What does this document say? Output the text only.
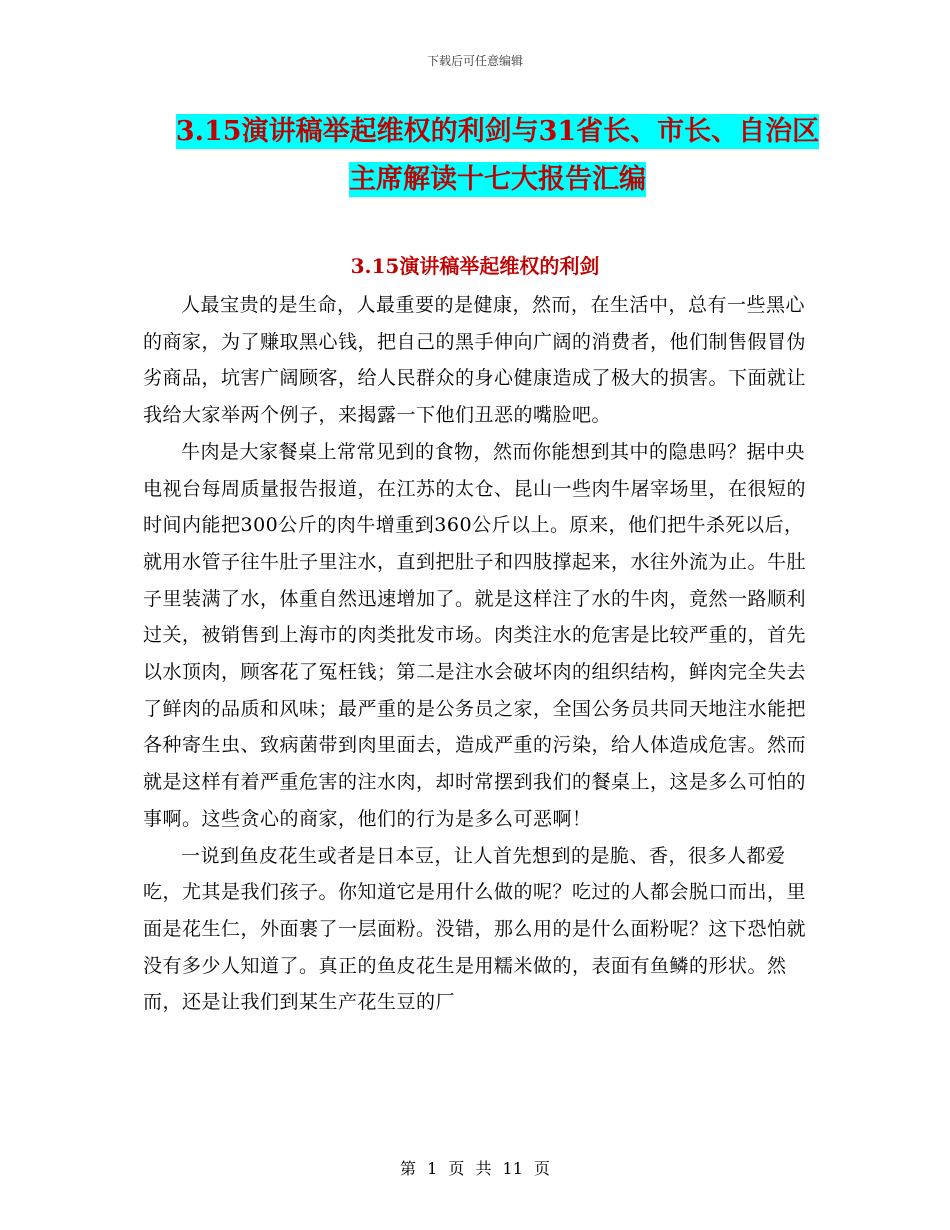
下载后可任意编辑
3.15演讲稿举起维权的利剑与31省长、市长、自治区
主席解读十七大报告汇编
3.15演讲稿举起维权的利剑

人最宝贵的是生命，人最重要的是健康，然而，在生活中，总有一些黑心的商家，为了赚取黑心钱，把自己的黑手伸向广阔的消费者，他们制售假冒伪劣商品，坑害广阔顾客，给人民群众的身心健康造成了极大的损害。下面就让我给大家举两个例子，来揭露一下他们丑恶的嘴脸吧。

牛肉是大家餐桌上常常见到的食物，然而你能想到其中的隐患吗？据中央电视台每周质量报告报道，在江苏的太仓、昆山一些肉牛屠宰场里，在很短的时间内能把300公斤的肉牛增重到360公斤以上。原来，他们把牛杀死以后，就用水管子往牛肚子里注水，直到把肚子和四肢撑起来，水往外流为止。牛肚子里装满了水，体重自然迅速增加了。就是这样注了水的牛肉，竟然一路顺利过关，被销售到上海市的肉类批发市场。肉类注水的危害是比较严重的，首先以水顶肉，顾客花了冤枉钱；第二是注水会破坏肉的组织结构，鲜肉完全失去了鲜肉的品质和风味；最严重的是公务员之家，全国公务员共同天地注水能把各种寄生虫、致病菌带到肉里面去，造成严重的污染，给人体造成危害。然而就是这样有着严重危害的注水肉，却时常摆到我们的餐桌上，这是多么可怕的事啊。这些贪心的商家，他们的行为是多么可恶啊！

一说到鱼皮花生或者是日本豆，让人首先想到的是脆、香，很多人都爱吃，尤其是我们孩子。你知道它是用什么做的呢？吃过的人都会脱口而出，里面是花生仁，外面裹了一层面粉。没错，那么用的是什么面粉呢？这下恐怕就没有多少人知道了。真正的鱼皮花生是用糯米做的，表面有鱼鳞的形状。然而，还是让我们到某生产花生豆的厂

第 1 页 共 11 页
